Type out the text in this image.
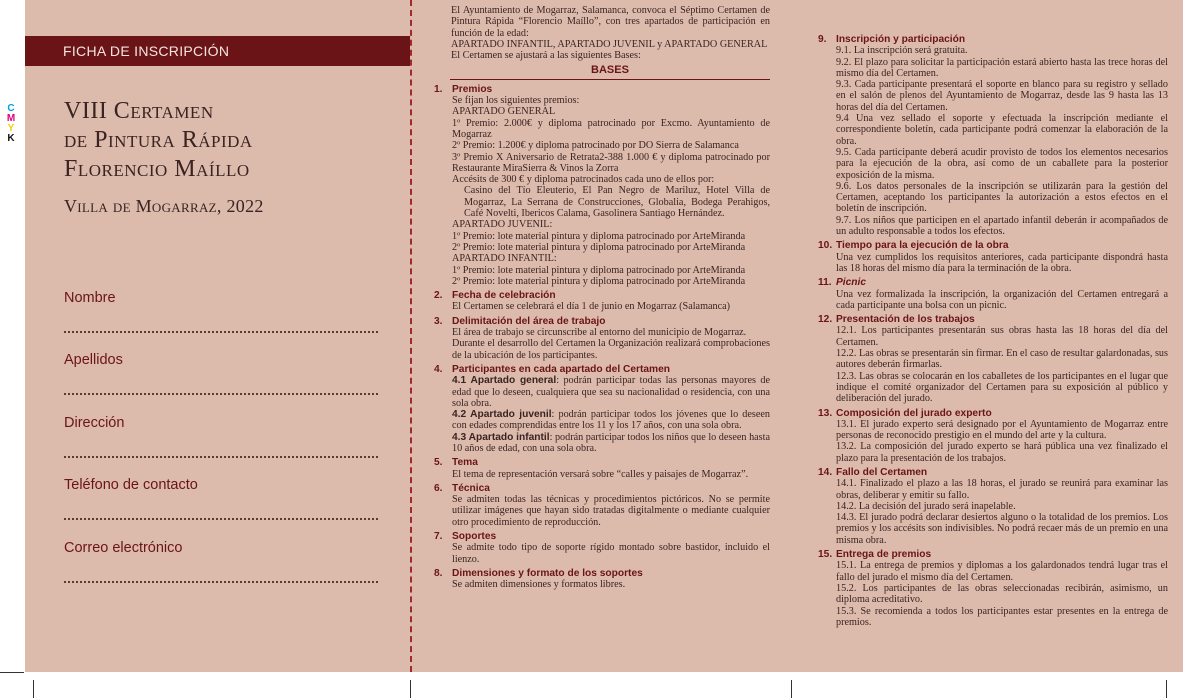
C
M
Y
K
FICHA DE INSCRIPCIÓN
VIII Certamen
de Pintura Rápida
Florencio Maíllo
Villa de Mogarraz, 2022
Nombre
Apellidos
Dirección
Teléfono de contacto
Correo electrónico

El Ayuntamiento de Mogarraz, Salamanca, convoca el Séptimo Certamen de Pintura Rápida “Florencio Maíllo”, con tres apartados de participación en función de la edad:

APARTADO INFANTIL, APARTADO JUVENIL y APARTADO GENERAL

El Certamen se ajustará a las siguientes Bases:

BASES
1. Premios

Se fijan los siguientes premios:

APARTADO GENERAL

1º Premio: 2.000€ y diploma patrocinado por Excmo. Ayuntamiento de Mogarraz

2º Premio: 1.200€ y diploma patrocinado por DO Sierra de Salamanca

3º Premio X Aniversario de Retrata2-388 1.000 € y diploma patrocinado por Restaurante MiraSierra & Vinos la Zorra

Accésits de 300 € y diploma patrocinados cada uno de ellos por:

Casino del Tío Eleuterio, El Pan Negro de Mariluz, Hotel Villa de Mogarraz, La Serrana de Construcciones, Globalia, Bodega Perahigos, Café Novelti, Ibericos Calama, Gasolinera Santiago Hernández.

APARTADO JUVENIL:

1º Premio: lote material pintura y diploma patrocinado por ArteMiranda

2º Premio: lote material pintura y diploma patrocinado por ArteMiranda

APARTADO INFANTIL:

1º Premio: lote material pintura y diploma patrocinado por ArteMiranda

2º Premio: lote material pintura y diploma patrocinado por ArteMiranda

2. Fecha de celebración

El Certamen se celebrará el día 1 de junio en Mogarraz (Salamanca)

3. Delimitación del área de trabajo

El área de trabajo se circunscribe al entorno del municipio de Mogarraz.

Durante el desarrollo del Certamen la Organización realizará comprobaciones de la ubicación de los participantes.

4. Participantes en cada apartado del Certamen

4.1 Apartado general: podrán participar todas las personas mayores de edad que lo deseen, cualquiera que sea su nacionalidad o residencia, con una sola obra.

4.2 Apartado juvenil: podrán participar todos los jóvenes que lo deseen con edades comprendidas entre los 11 y los 17 años, con una sola obra.

4.3 Apartado infantil: podrán participar todos los niños que lo deseen hasta 10 años de edad, con una sola obra.

5. Tema

El tema de representación versará sobre “calles y paisajes de Mogarraz”.

6. Técnica

Se admiten todas las técnicas y procedimientos pictóricos. No se permite utilizar imágenes que hayan sido tratadas digitalmente o mediante cualquier otro procedimiento de reproducción.

7. Soportes

Se admite todo tipo de soporte rígido montado sobre bastidor, incluido el lienzo.

8. Dimensiones y formato de los soportes

Se admiten dimensiones y formatos libres.

9. Inscripción y participación

9.1. La inscripción será gratuita.

9.2. El plazo para solicitar la participación estará abierto hasta las trece horas del mismo día del Certamen.

9.3. Cada participante presentará el soporte en blanco para su registro y sellado en el salón de plenos del Ayuntamiento de Mogarraz, desde las 9 hasta las 13 horas del día del Certamen.

9.4 Una vez sellado el soporte y efectuada la inscripción mediante el correspondiente boletín, cada participante podrá comenzar la elaboración de la obra.

9.5. Cada participante deberá acudir provisto de todos los elementos necesarios para la ejecución de la obra, así como de un caballete para la posterior exposición de la misma.

9.6. Los datos personales de la inscripción se utilizarán para la gestión del Certamen, aceptando los participantes la autorización a estos efectos en el boletín de inscripción.

9.7. Los niños que participen en el apartado infantil deberán ir acompañados de un adulto responsable a todos los efectos.

10. Tiempo para la ejecución de la obra

Una vez cumplidos los requisitos anteriores, cada participante dispondrá hasta las 18 horas del mismo día para la terminación de la obra.

11. Picnic

Una vez formalizada la inscripción, la organización del Certamen entregará a cada participante una bolsa con un picnic.

12. Presentación de los trabajos

12.1. Los participantes presentarán sus obras hasta las 18 horas del día del Certamen.

12.2. Las obras se presentarán sin firmar. En el caso de resultar galardonadas, sus autores deberán firmarlas.

12.3. Las obras se colocarán en los caballetes de los participantes en el lugar que indique el comité organizador del Certamen para su exposición al público y deliberación del jurado.

13. Composición del jurado experto

13.1. El jurado experto será designado por el Ayuntamiento de Mogarraz entre personas de reconocido prestigio en el mundo del arte y la cultura.

13.2. La composición del jurado experto se hará pública una vez finalizado el plazo para la presentación de los trabajos.

14. Fallo del Certamen

14.1. Finalizado el plazo a las 18 horas, el jurado se reunirá para examinar las obras, deliberar y emitir su fallo.

14.2. La decisión del jurado será inapelable.

14.3. El jurado podrá declarar desiertos alguno o la totalidad de los premios. Los premios y los accésits son indivisibles. No podrá recaer más de un premio en una misma obra.

15. Entrega de premios

15.1. La entrega de premios y diplomas a los galardonados tendrá lugar tras el fallo del jurado el mismo día del Certamen.

15.2. Los participantes de las obras seleccionadas recibirán, asimismo, un diploma acreditativo.

15.3. Se recomienda a todos los participantes estar presentes en la entrega de premios.
